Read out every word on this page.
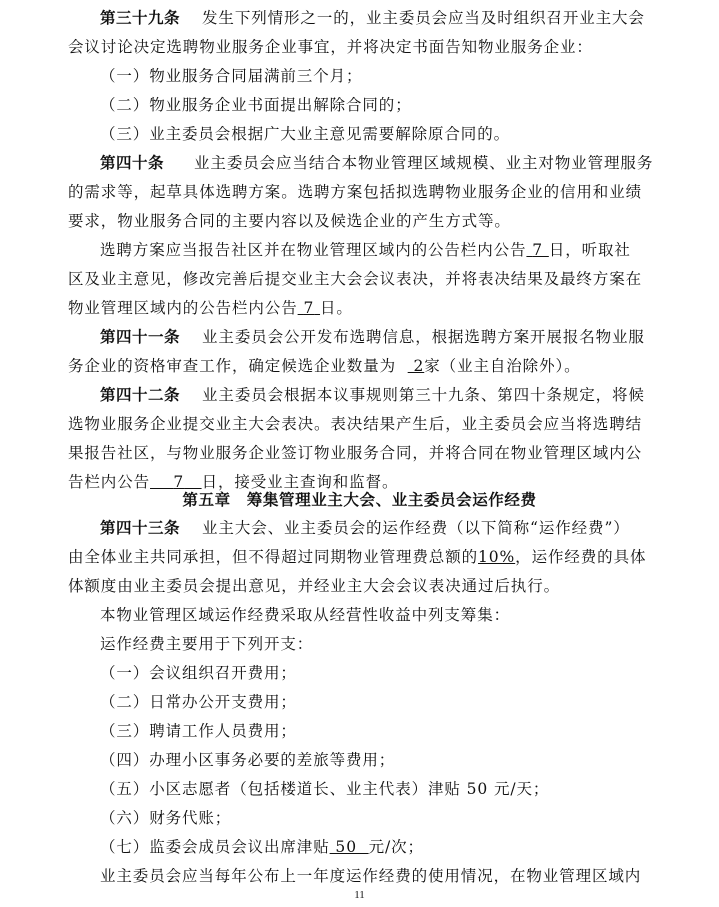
第三十九条 发生下列情形之一的，业主委员会应当及时组织召开业主大会
会议讨论决定选聘物业服务企业事宜，并将决定书面告知物业服务企业：
（一）物业服务合同届满前三个月；
（二）物业服务企业书面提出解除合同的；
（三）业主委员会根据广大业主意见需要解除原合同的。
第四十条 业主委员会应当结合本物业管理区域规模、业主对物业管理服务
的需求等，起草具体选聘方案。选聘方案包括拟选聘物业服务企业的信用和业绩
要求，物业服务合同的主要内容以及候选企业的产生方式等。
选聘方案应当报告社区并在物业管理区域内的公告栏内公告 7 日，听取社
区及业主意见，修改完善后提交业主大会会议表决，并将表决结果及最终方案在
物业管理区域内的公告栏内公告 7 日。
第四十一条 业主委员会公开发布选聘信息，根据选聘方案开展报名物业服
务企业的资格审查工作，确定候选企业数量为 2家（业主自治除外）。
第四十二条 业主委员会根据本议事规则第三十九条、第四十条规定，将候
选物业服务企业提交业主大会表决。表决结果产生后，业主委员会应当将选聘结
果报告社区，与物业服务企业签订物业服务合同，并将合同在物业管理区域内公
告栏内公告 7 日，接受业主查询和监督。
第五章　筹集管理业主大会、业主委员会运作经费
第四十三条 业主大会、业主委员会的运作经费（以下简称“运作经费”）
由全体业主共同承担，但不得超过同期物业管理费总额的10%，运作经费的具体
体额度由业主委员会提出意见，并经业主大会会议表决通过后执行。
本物业管理区域运作经费采取从经营性收益中列支筹集：
运作经费主要用于下列开支：
（一）会议组织召开费用；
（二）日常办公开支费用；
（三）聘请工作人员费用；
（四）办理小区事务必要的差旅等费用；
（五）小区志愿者（包括楼道长、业主代表）津贴 50 元/天；
（六）财务代账；
11
（七）监委会成员会议出席津贴 50  元/次；
业主委员会应当每年公布上一年度运作经费的使用情况，在物业管理区域内
